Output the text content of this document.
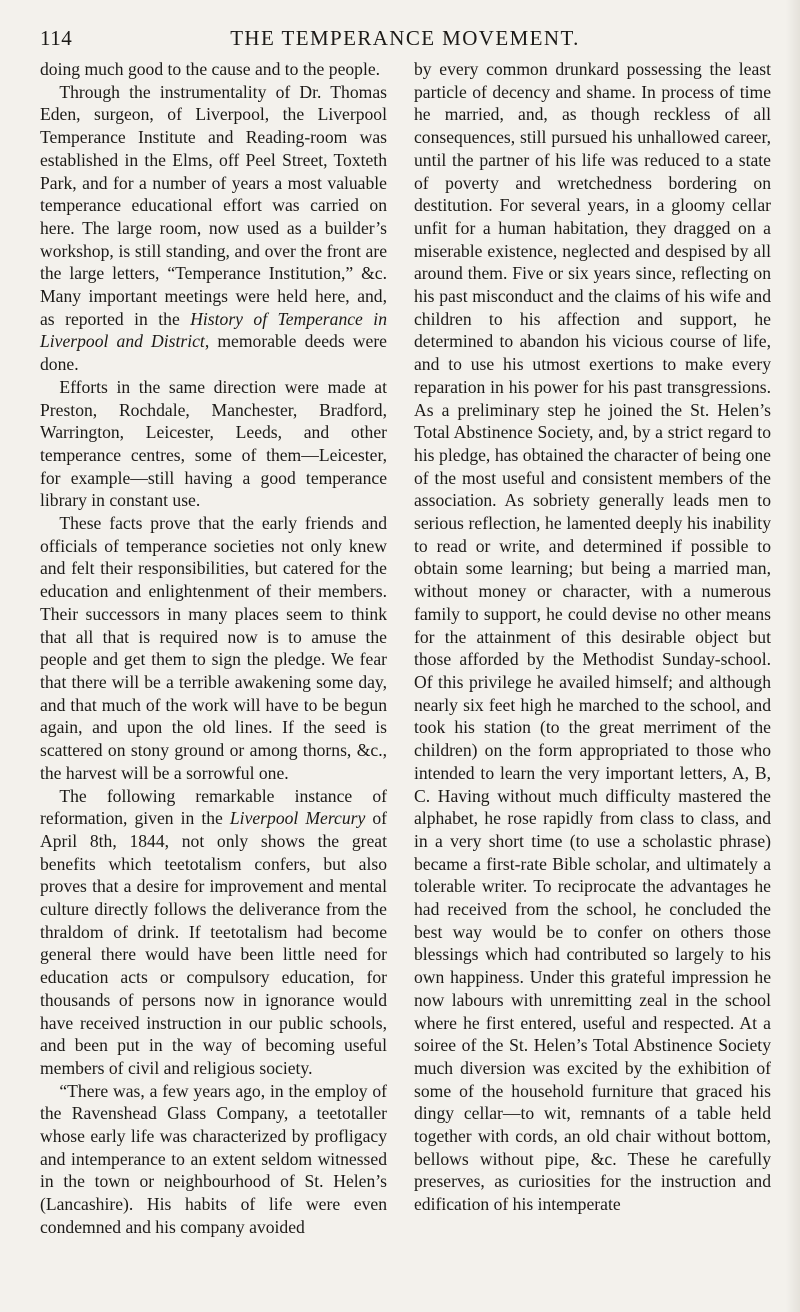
114	THE TEMPERANCE MOVEMENT.

doing much good to the cause and to the people.

Through the instrumentality of Dr. Thomas Eden, surgeon, of Liverpool, the Liverpool Temperance Institute and Reading-room was established in the Elms, off Peel Street, Toxteth Park, and for a number of years a most valuable temperance educational effort was carried on here. The large room, now used as a builder’s workshop, is still standing, and over the front are the large letters, “Temperance Institution,” &c. Many important meetings were held here, and, as reported in the History of Temperance in Liverpool and District, memorable deeds were done.

Efforts in the same direction were made at Preston, Rochdale, Manchester, Bradford, Warrington, Leicester, Leeds, and other temperance centres, some of them—Leicester, for example—still having a good temperance library in constant use.

These facts prove that the early friends and officials of temperance societies not only knew and felt their responsibilities, but catered for the education and enlightenment of their members. Their successors in many places seem to think that all that is required now is to amuse the people and get them to sign the pledge. We fear that there will be a terrible awakening some day, and that much of the work will have to be begun again, and upon the old lines. If the seed is scattered on stony ground or among thorns, &c., the harvest will be a sorrowful one.

The following remarkable instance of reformation, given in the Liverpool Mercury of April 8th, 1844, not only shows the great benefits which teetotalism confers, but also proves that a desire for improvement and mental culture directly follows the deliverance from the thraldom of drink. If teetotalism had become general there would have been little need for education acts or compulsory education, for thousands of persons now in ignorance would have received instruction in our public schools, and been put in the way of becoming useful members of civil and religious society.

“There was, a few years ago, in the employ of the Ravenshead Glass Company, a teetotaller whose early life was characterized by profligacy and intemperance to an extent seldom witnessed in the town or neighbourhood of St. Helen’s (Lancashire). His habits of life were even condemned and his company avoided

by every common drunkard possessing the least particle of decency and shame. In process of time he married, and, as though reckless of all consequences, still pursued his unhallowed career, until the partner of his life was reduced to a state of poverty and wretchedness bordering on destitution. For several years, in a gloomy cellar unfit for a human habitation, they dragged on a miserable existence, neglected and despised by all around them. Five or six years since, reflecting on his past misconduct and the claims of his wife and children to his affection and support, he determined to abandon his vicious course of life, and to use his utmost exertions to make every reparation in his power for his past transgressions. As a preliminary step he joined the St. Helen’s Total Abstinence Society, and, by a strict regard to his pledge, has obtained the character of being one of the most useful and consistent members of the association. As sobriety generally leads men to serious reflection, he lamented deeply his inability to read or write, and determined if possible to obtain some learning; but being a married man, without money or character, with a numerous family to support, he could devise no other means for the attainment of this desirable object but those afforded by the Methodist Sunday-school. Of this privilege he availed himself; and although nearly six feet high he marched to the school, and took his station (to the great merriment of the children) on the form appropriated to those who intended to learn the very important letters, A, B, C. Having without much difficulty mastered the alphabet, he rose rapidly from class to class, and in a very short time (to use a scholastic phrase) became a first-rate Bible scholar, and ultimately a tolerable writer. To reciprocate the advantages he had received from the school, he concluded the best way would be to confer on others those blessings which had contributed so largely to his own happiness. Under this grateful impression he now labours with unremitting zeal in the school where he first entered, useful and respected. At a soiree of the St. Helen’s Total Abstinence Society much diversion was excited by the exhibition of some of the household furniture that graced his dingy cellar—to wit, remnants of a table held together with cords, an old chair without bottom, bellows without pipe, &c. These he carefully preserves, as curiosities for the instruction and edification of his intemperate
